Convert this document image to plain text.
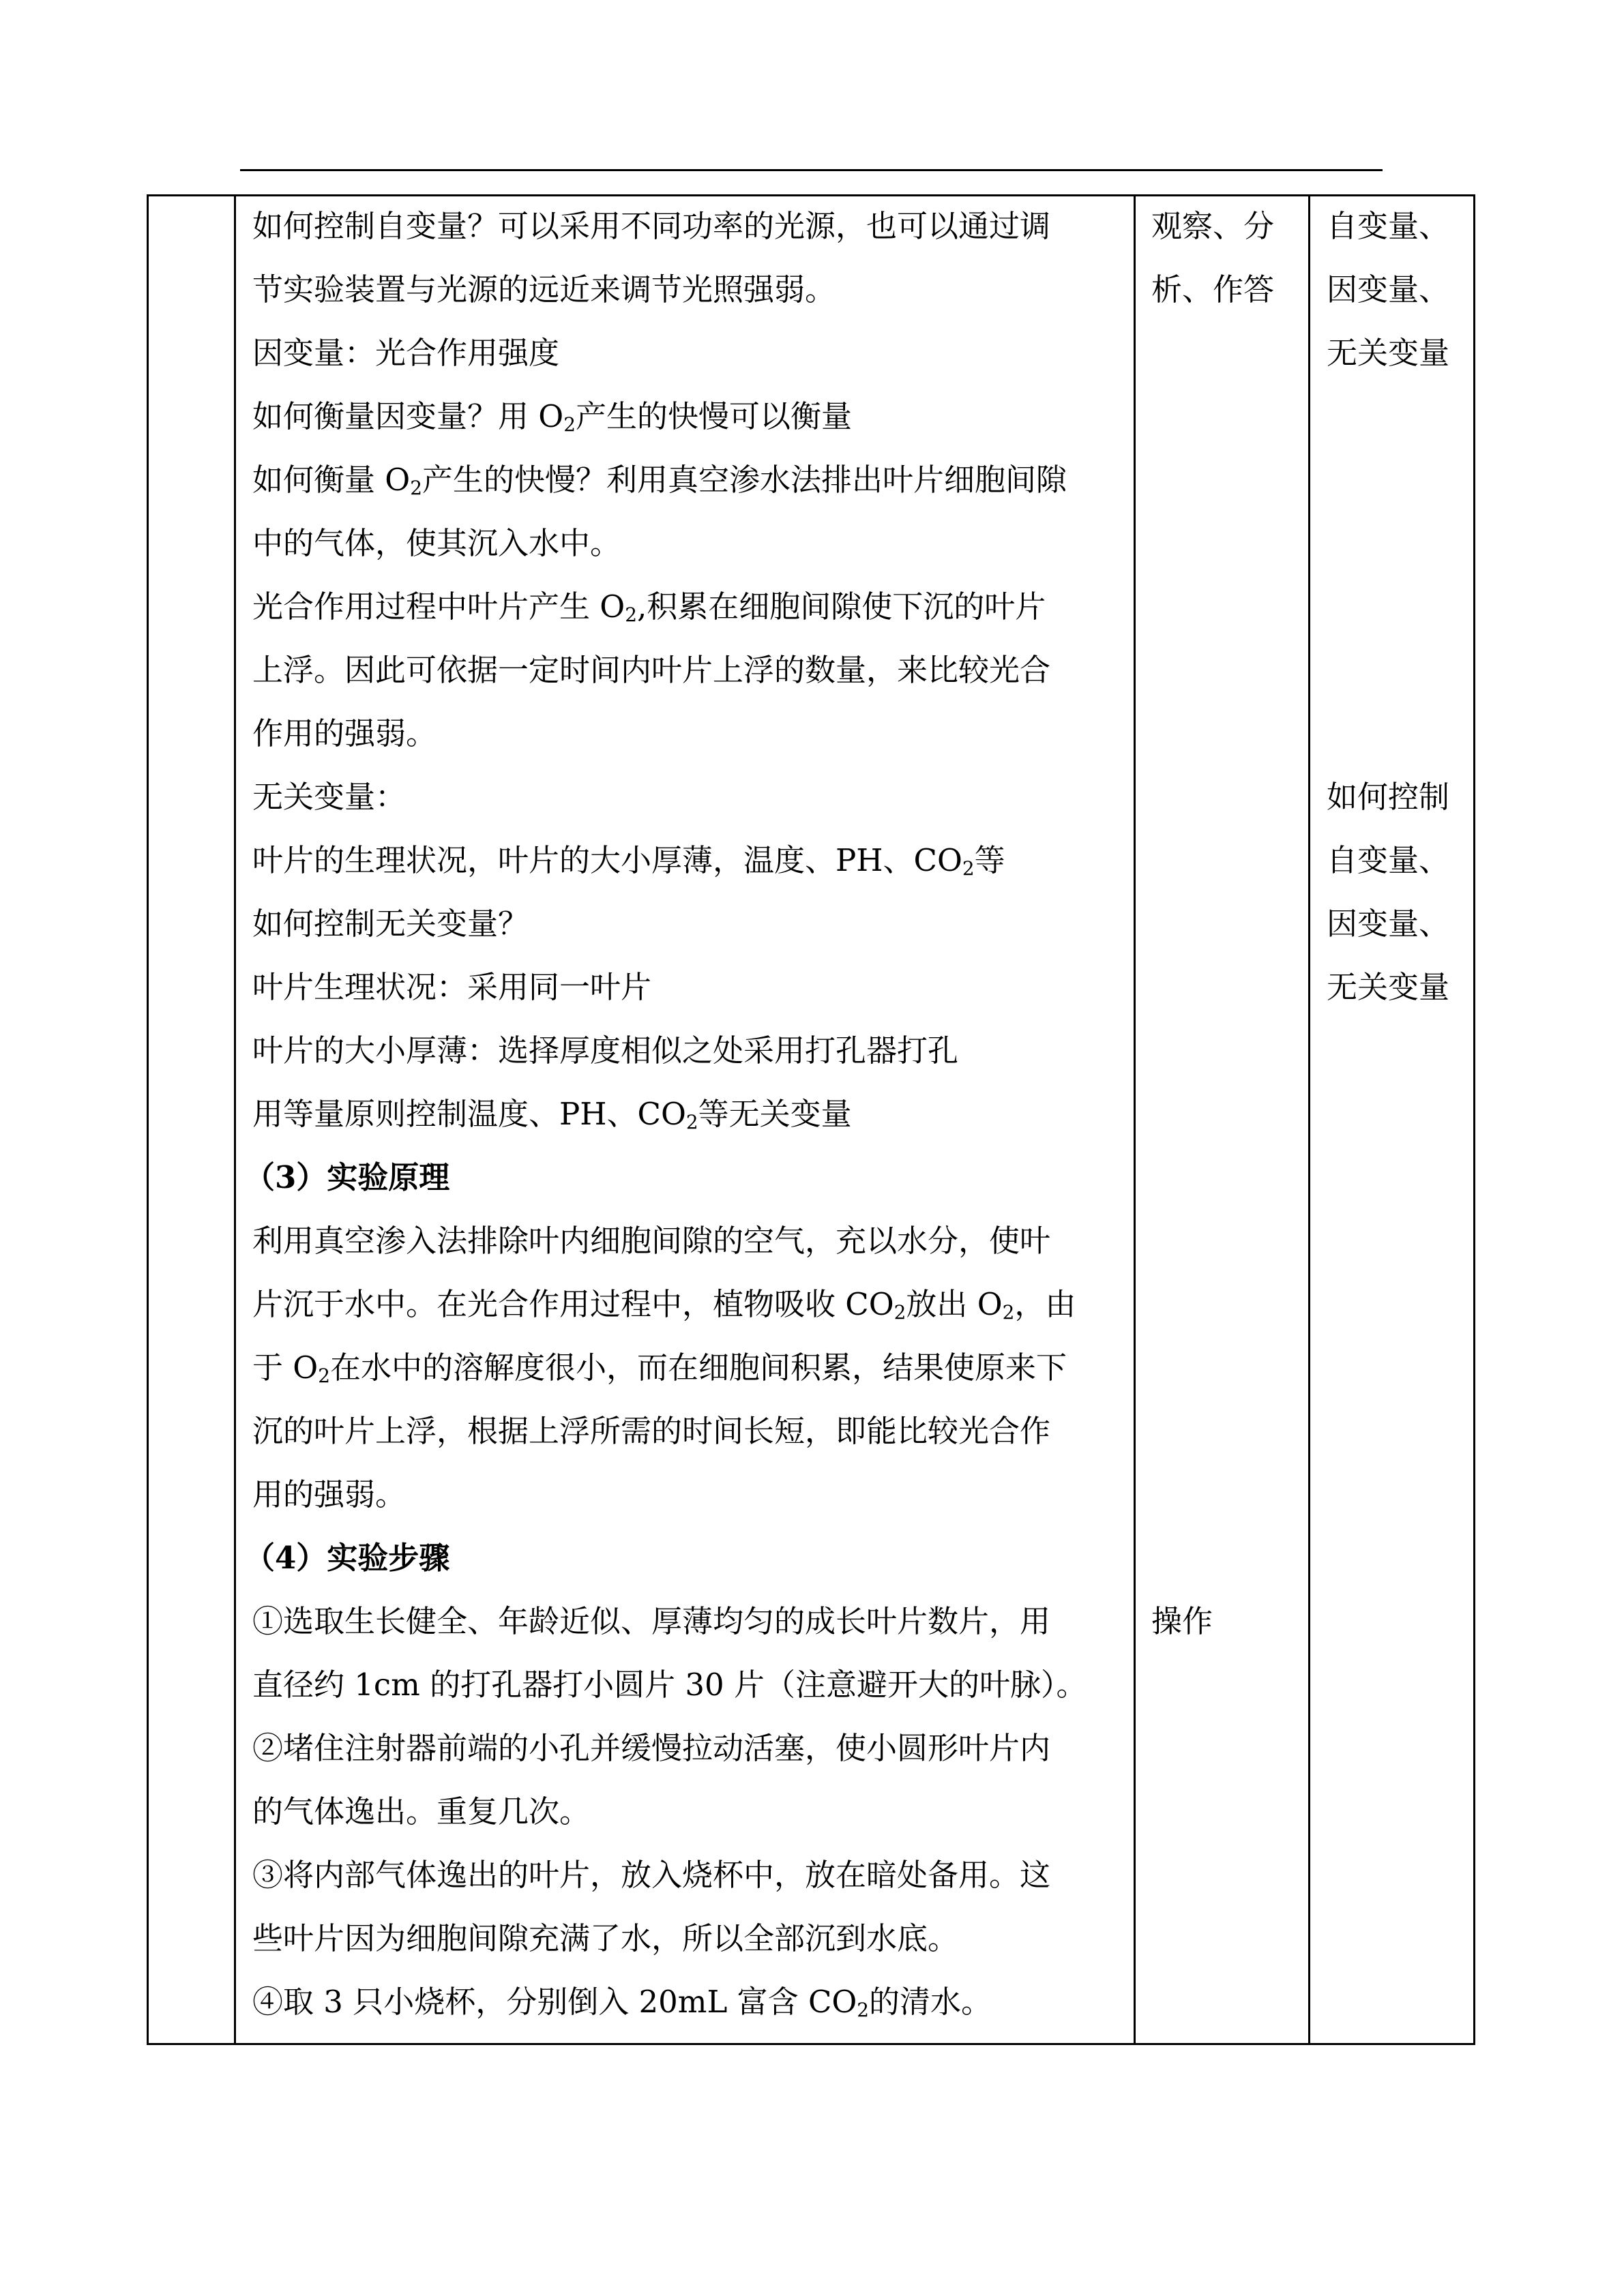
如何控制自变量？可以采用不同功率的光源，也可以通过调
节实验装置与光源的远近来调节光照强弱。
因变量：光合作用强度
如何衡量因变量？用 $O_2$产生的快慢可以衡量
如何衡量 $O_2$产生的快慢？利用真空渗水法排出叶片细胞间隙
中的气体，使其沉入水中。
光合作用过程中叶片产生 $O_2$,积累在细胞间隙使下沉的叶片
上浮。因此可依据一定时间内叶片上浮的数量，来比较光合
作用的强弱。
无关变量：
叶片的生理状况，叶片的大小厚薄，温度、PH、$CO_2$等
如何控制无关变量？
叶片生理状况：采用同一叶片
叶片的大小厚薄：选择厚度相似之处采用打孔器打孔
用等量原则控制温度、PH、$CO_2$等无关变量
（3）实验原理
利用真空渗入法排除叶内细胞间隙的空气，充以水分，使叶
片沉于水中。在光合作用过程中，植物吸收 $CO_2$放出 $O_2$，由
于 $O_2$在水中的溶解度很小，而在细胞间积累，结果使原来下
沉的叶片上浮，根据上浮所需的时间长短，即能比较光合作
用的强弱。
（4）实验步骤
①选取生长健全、年龄近似、厚薄均匀的成长叶片数片，用
直径约 1cm 的打孔器打小圆片 30 片（注意避开大的叶脉）。
②堵住注射器前端的小孔并缓慢拉动活塞，使小圆形叶片内
的气体逸出。重复几次。
③将内部气体逸出的叶片，放入烧杯中，放在暗处备用。这
些叶片因为细胞间隙充满了水，所以全部沉到水底。
④取 3 只小烧杯，分别倒入 20mL 富含 $CO_2$的清水。
观察、分
析、作答
操作
自变量、
因变量、
无关变量
如何控制
自变量、
因变量、
无关变量
